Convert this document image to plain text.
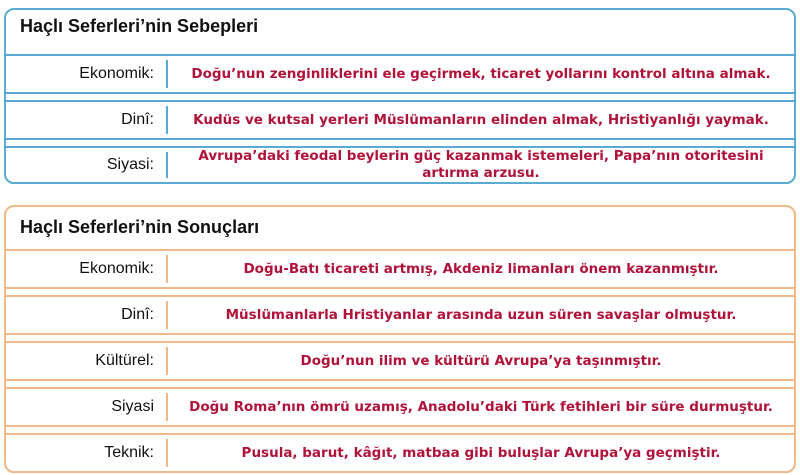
Haçlı Seferleri’nin Sebepleri
Ekonomik:	Doğu’nun zenginliklerini ele geçirmek, ticaret yollarını kontrol altına almak.
Dinî:	Kudüs ve kutsal yerleri Müslümanların elinden almak, Hristiyanlığı yaymak.
Siyasi:	Avrupa’daki feodal beylerin güç kazanmak istemeleri, Papa’nın otoritesini artırma arzusu.
Haçlı Seferleri’nin Sonuçları
Ekonomik:	Doğu-Batı ticareti artmış, Akdeniz limanları önem kazanmıştır.
Dinî:	Müslümanlarla Hristiyanlar arasında uzun süren savaşlar olmuştur.
Kültürel:	Doğu’nun ilim ve kültürü Avrupa’ya taşınmıştır.
Siyasi	Doğu Roma’nın ömrü uzamış, Anadolu’daki Türk fetihleri bir süre durmuştur.
Teknik:	Pusula, barut, kâğıt, matbaa gibi buluşlar Avrupa’ya geçmiştir.
